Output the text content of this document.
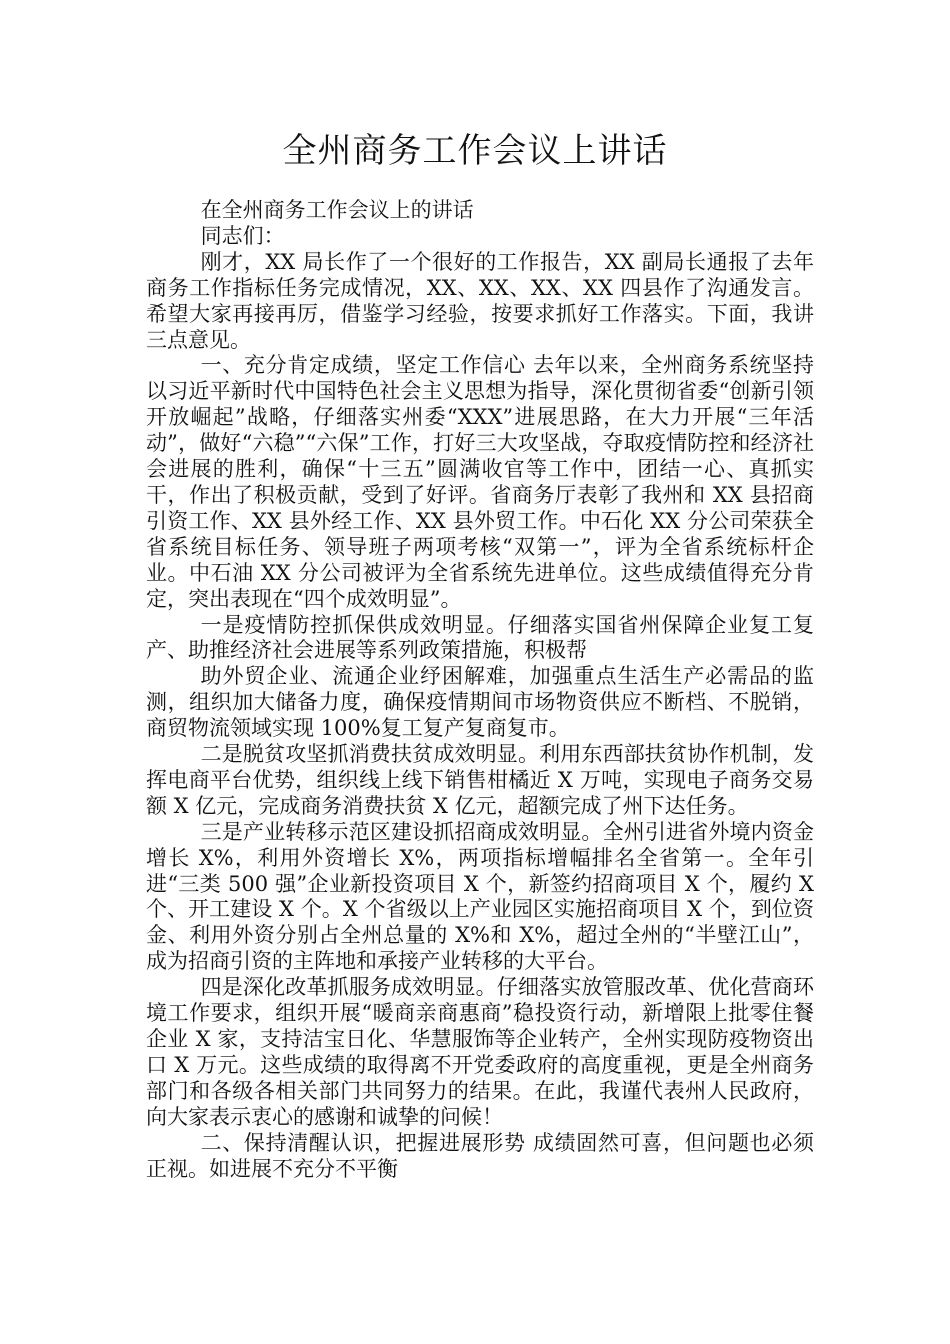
全州商务工作会议上讲话

在全州商务工作会议上的讲话

同志们：

刚才，XX 局长作了一个很好的工作报告，XX 副局长通报了去年商务工作指标任务完成情况，XX、XX、XX、XX 四县作了沟通发言。希望大家再接再厉，借鉴学习经验，按要求抓好工作落实。下面，我讲三点意见。

一、充分肯定成绩，坚定工作信心 去年以来，全州商务系统坚持以习近平新时代中国特色社会主义思想为指导，深化贯彻省委“创新引领开放崛起”战略，仔细落实州委“XXX”进展思路，在大力开展“三年活动”，做好“六稳”“六保”工作，打好三大攻坚战，夺取疫情防控和经济社会进展的胜利，确保“十三五”圆满收官等工作中，团结一心、真抓实干，作出了积极贡献，受到了好评。省商务厅表彰了我州和 XX 县招商引资工作、XX 县外经工作、XX 县外贸工作。中石化 XX 分公司荣获全省系统目标任务、领导班子两项考核“双第一”，评为全省系统标杆企业。中石油 XX 分公司被评为全省系统先进单位。这些成绩值得充分肯定，突出表现在“四个成效明显”。

一是疫情防控抓保供成效明显。仔细落实国省州保障企业复工复产、助推经济社会进展等系列政策措施，积极帮

助外贸企业、流通企业纾困解难，加强重点生活生产必需品的监测，组织加大储备力度，确保疫情期间市场物资供应不断档、不脱销，商贸物流领域实现 100%复工复产复商复市。

二是脱贫攻坚抓消费扶贫成效明显。利用东西部扶贫协作机制，发挥电商平台优势，组织线上线下销售柑橘近 X 万吨，实现电子商务交易额 X 亿元，完成商务消费扶贫 X 亿元，超额完成了州下达任务。

三是产业转移示范区建设抓招商成效明显。全州引进省外境内资金增长 X%，利用外资增长 X%，两项指标增幅排名全省第一。全年引进“三类 500 强”企业新投资项目 X 个，新签约招商项目 X 个，履约 X 个、开工建设 X 个。X 个省级以上产业园区实施招商项目 X 个，到位资金、利用外资分别占全州总量的 X%和 X%，超过全州的“半壁江山”，成为招商引资的主阵地和承接产业转移的大平台。

四是深化改革抓服务成效明显。仔细落实放管服改革、优化营商环境工作要求，组织开展“暖商亲商惠商”稳投资行动，新增限上批零住餐企业 X 家，支持洁宝日化、华慧服饰等企业转产，全州实现防疫物资出口 X 万元。这些成绩的取得离不开党委政府的高度重视，更是全州商务部门和各级各相关部门共同努力的结果。在此，我谨代表州人民政府，向大家表示衷心的感谢和诚挚的问候！

二、保持清醒认识，把握进展形势 成绩固然可喜，但问题也必须正视。如进展不充分不平衡
